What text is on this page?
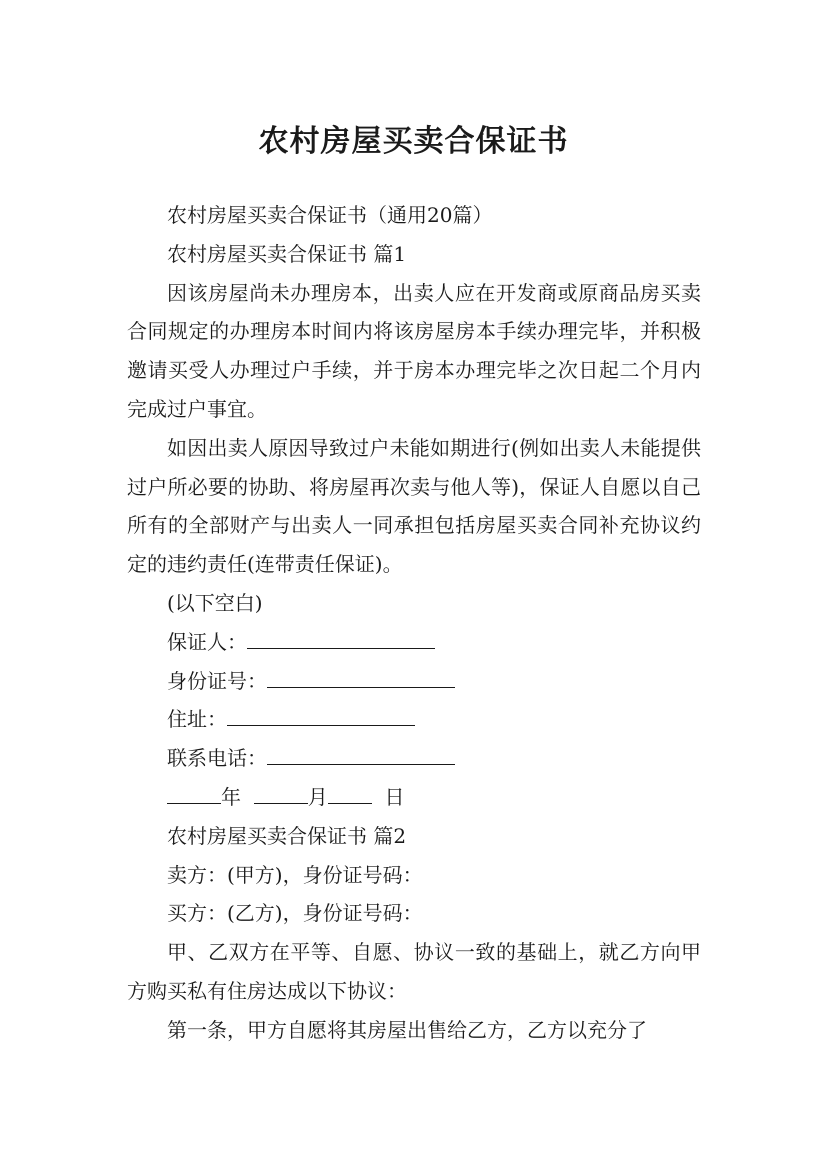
农村房屋买卖合保证书

农村房屋买卖合保证书（通用20篇）

农村房屋买卖合保证书 篇1

因该房屋尚未办理房本，出卖人应在开发商或原商品房买卖合同规定的办理房本时间内将该房屋房本手续办理完毕，并积极邀请买受人办理过户手续，并于房本办理完毕之次日起二个月内完成过户事宜。

如因出卖人原因导致过户未能如期进行(例如出卖人未能提供过户所必要的协助、将房屋再次卖与他人等)，保证人自愿以自己所有的全部财产与出卖人一同承担包括房屋买卖合同补充协议约定的违约责任(连带责任保证)。

(以下空白)

保证人：

身份证号：

住址：

联系电话：

年	月	日

农村房屋买卖合保证书 篇2

卖方：(甲方)，身份证号码：

买方：(乙方)，身份证号码：

甲、乙双方在平等、自愿、协议一致的基础上，就乙方向甲方购买私有住房达成以下协议：

第一条，甲方自愿将其房屋出售给乙方，乙方以充分了
